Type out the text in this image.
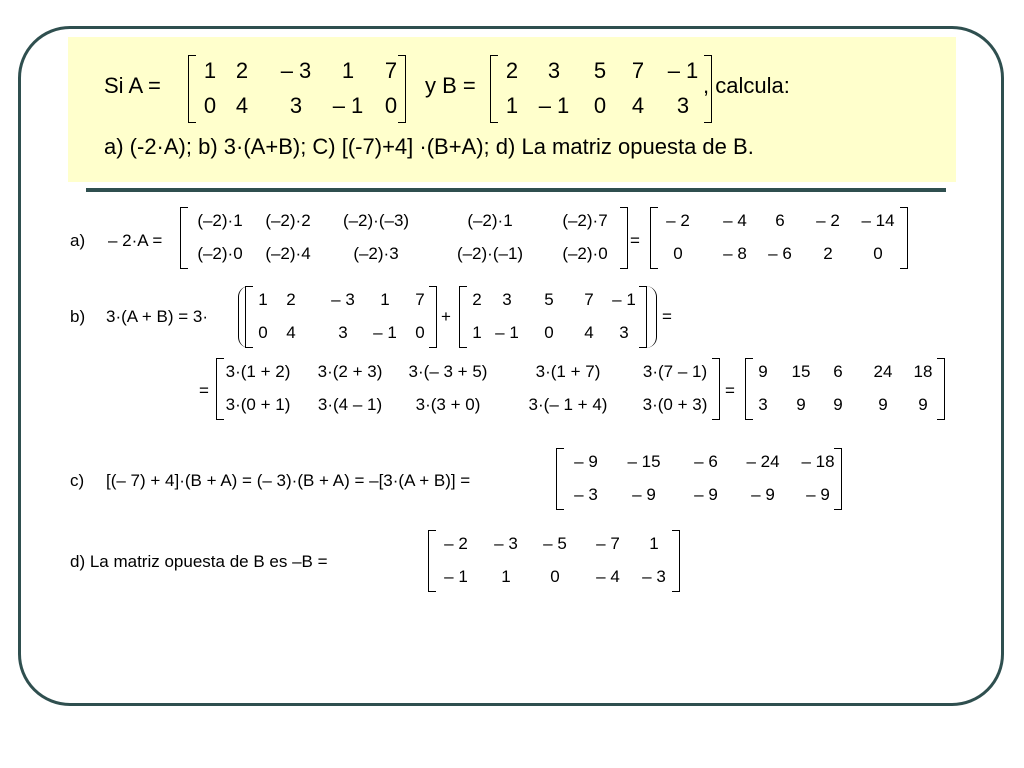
Si A =
1 2 – 3 1 7
0 4 3 – 1 0
y B =
2 3 5 7 – 1
1 – 1 0 4 3
, calcula:
a) (-2·A); b) 3·(A+B); C) [(-7)+4] ·(B+A); d) La matriz opuesta de B.
a) – 2·A =
(–2)·1 (–2)·2 (–2)·(–3)	(–2)·1	(–2)·7
(–2)·0 (–2)·4	(–2)·3	(–2)·(–1) (–2)·0
=
– 2 – 4 6 – 2 – 14
0 – 8 – 6 2 0
b) 3·(A + B) = 3·
1 2 – 3 1 7
0 4	3 – 1 0
+
2 3 5 7 – 1
1 – 1 0 4 3
=
=
3·(1 + 2) 3·(2 + 3) 3·(– 3 + 5)	3·(1 + 7)	3·(7 – 1)
3·(0 + 1) 3·(4 – 1) 3·(3 + 0)	3·(– 1 + 4) 3·(0 + 3)
=
9 15 6 24 18
3 9 9 9 9
c) [(– 7) + 4]·(B + A) = (– 3)·(B + A) = –[3·(A + B)] =
– 9 – 15 – 6 – 24 – 18
– 3 – 9 – 9 – 9 – 9
d) La matriz opuesta de B es –B =
– 2 – 3 – 5 – 7 1
– 1 1 0 – 4 – 3
